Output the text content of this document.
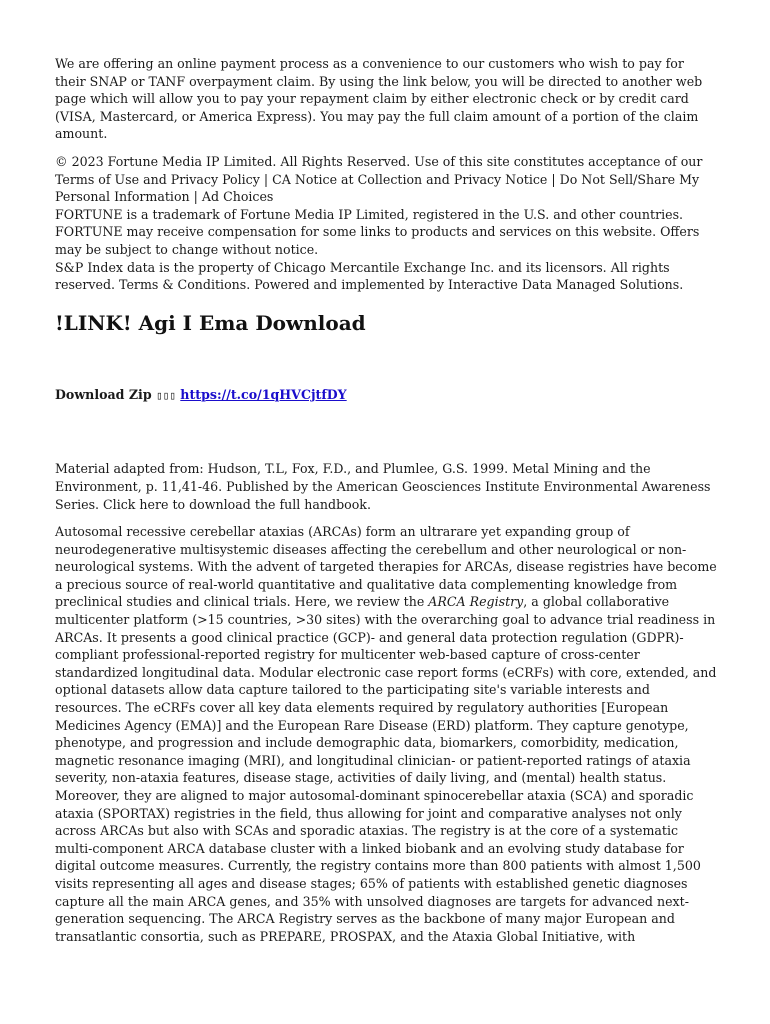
We are offering an online payment process as a convenience to our customers who wish to pay for their SNAP or TANF overpayment claim. By using the link below, you will be directed to another web page which will allow you to pay your repayment claim by either electronic check or by credit card (VISA, Mastercard, or America Express). You may pay the full claim amount of a portion of the claim amount.

© 2023 Fortune Media IP Limited. All Rights Reserved. Use of this site constitutes acceptance of our Terms of Use and Privacy Policy | CA Notice at Collection and Privacy Notice | Do Not Sell/Share My Personal Information | Ad Choices

FORTUNE is a trademark of Fortune Media IP Limited, registered in the U.S. and other countries. FORTUNE may receive compensation for some links to products and services on this website. Offers may be subject to change without notice.

S&P Index data is the property of Chicago Mercantile Exchange Inc. and its licensors. All rights reserved. Terms & Conditions. Powered and implemented by Interactive Data Managed Solutions.

!LINK! Agi I Ema Download
Download Zip ▯▯▯ https://t.co/1qHVCjtfDY

Material adapted from: Hudson, T.L, Fox, F.D., and Plumlee, G.S. 1999. Metal Mining and the Environment, p. 11,41-46. Published by the American Geosciences Institute Environmental Awareness Series. Click here to download the full handbook.

Autosomal recessive cerebellar ataxias (ARCAs) form an ultrarare yet expanding group of neurodegenerative multisystemic diseases affecting the cerebellum and other neurological or non-neurological systems. With the advent of targeted therapies for ARCAs, disease registries have become a precious source of real-world quantitative and qualitative data complementing knowledge from preclinical studies and clinical trials. Here, we review the ARCA Registry, a global collaborative multicenter platform (>15 countries, >30 sites) with the overarching goal to advance trial readiness in ARCAs. It presents a good clinical practice (GCP)- and general data protection regulation (GDPR)-compliant professional-reported registry for multicenter web-based capture of cross-center standardized longitudinal data. Modular electronic case report forms (eCRFs) with core, extended, and optional datasets allow data capture tailored to the participating site's variable interests and resources. The eCRFs cover all key data elements required by regulatory authorities [European Medicines Agency (EMA)] and the European Rare Disease (ERD) platform. They capture genotype, phenotype, and progression and include demographic data, biomarkers, comorbidity, medication, magnetic resonance imaging (MRI), and longitudinal clinician- or patient-reported ratings of ataxia severity, non-ataxia features, disease stage, activities of daily living, and (mental) health status. Moreover, they are aligned to major autosomal-dominant spinocerebellar ataxia (SCA) and sporadic ataxia (SPORTAX) registries in the field, thus allowing for joint and comparative analyses not only across ARCAs but also with SCAs and sporadic ataxias. The registry is at the core of a systematic multi-component ARCA database cluster with a linked biobank and an evolving study database for digital outcome measures. Currently, the registry contains more than 800 patients with almost 1,500 visits representing all ages and disease stages; 65% of patients with established genetic diagnoses capture all the main ARCA genes, and 35% with unsolved diagnoses are targets for advanced next-generation sequencing. The ARCA Registry serves as the backbone of many major European and transatlantic consortia, such as PREPARE, PROSPAX, and the Ataxia Global Initiative, with
